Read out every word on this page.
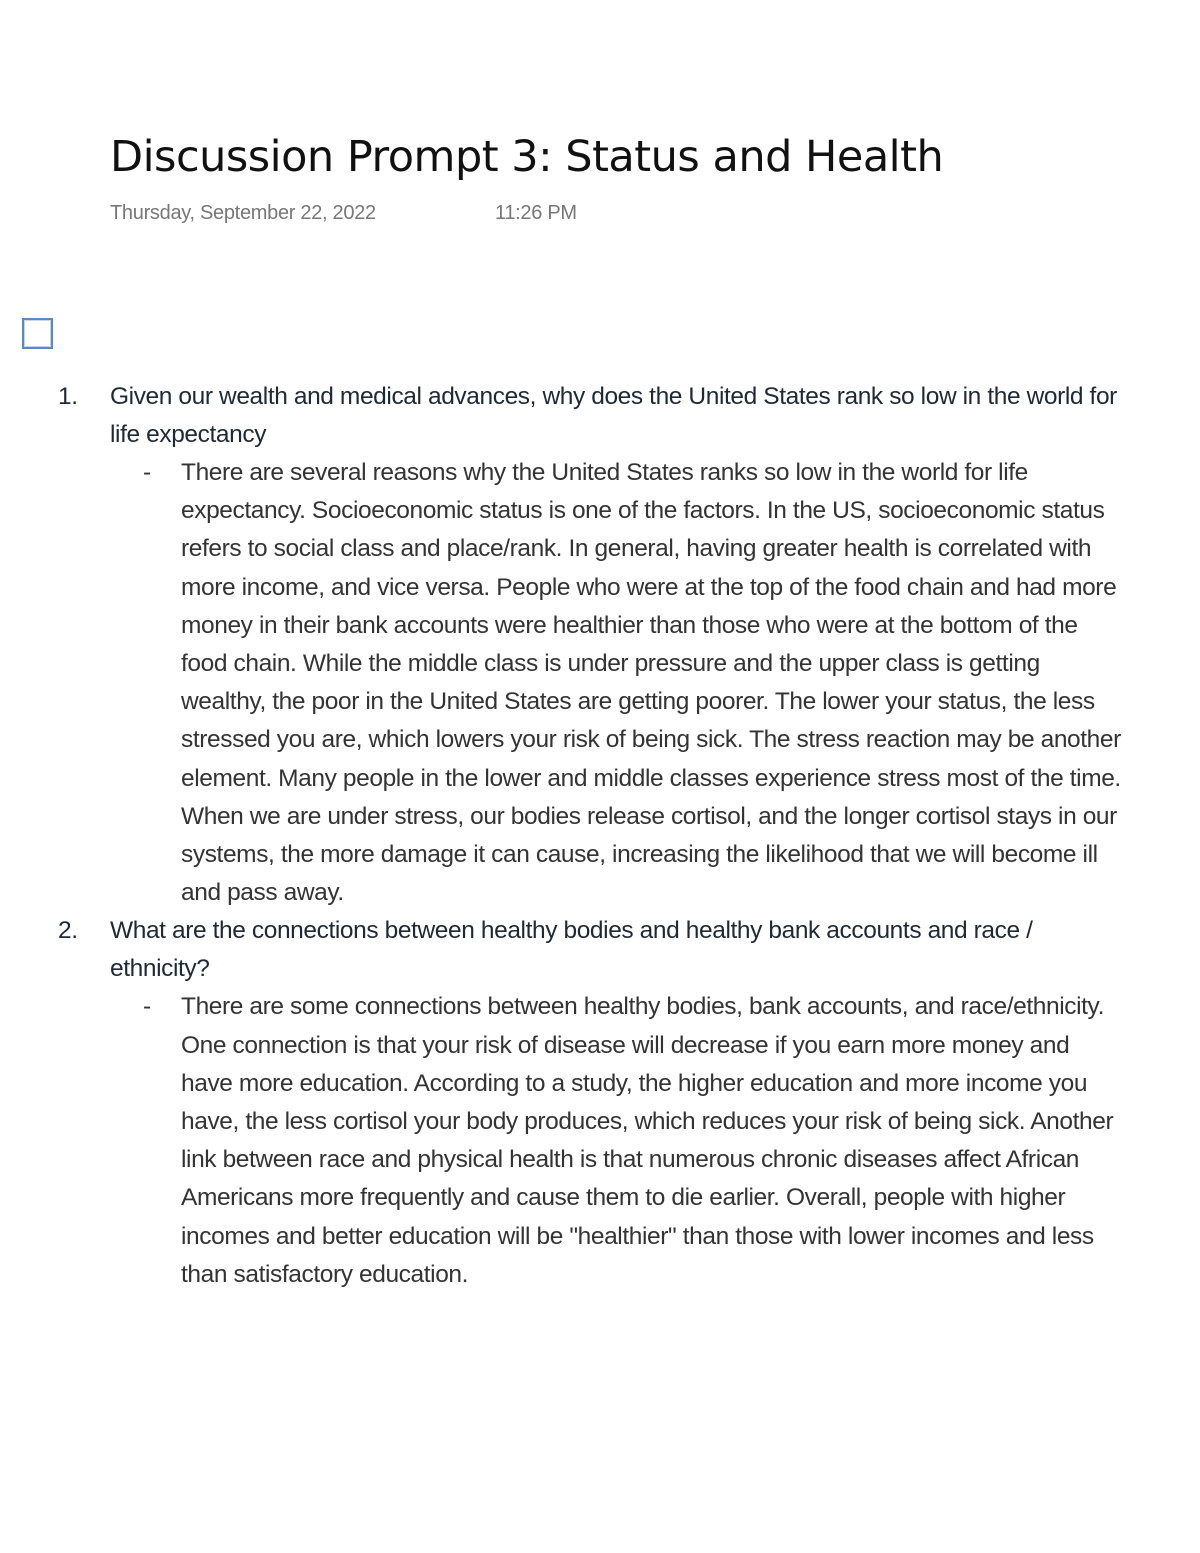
Discussion Prompt 3: Status and Health
Thursday, September 22, 2022	11:26 PM
1. Given our wealth and medical advances, why does the United States rank so low in the world for life expectancy
- There are several reasons why the United States ranks so low in the world for life expectancy. Socioeconomic status is one of the factors. In the US, socioeconomic status refers to social class and place/rank. In general, having greater health is correlated with more income, and vice versa. People who were at the top of the food chain and had more money in their bank accounts were healthier than those who were at the bottom of the food chain. While the middle class is under pressure and the upper class is getting wealthy, the poor in the United States are getting poorer. The lower your status, the less stressed you are, which lowers your risk of being sick. The stress reaction may be another element. Many people in the lower and middle classes experience stress most of the time. When we are under stress, our bodies release cortisol, and the longer cortisol stays in our systems, the more damage it can cause, increasing the likelihood that we will become ill and pass away.
2. What are the connections between healthy bodies and healthy bank accounts and race / ethnicity?
- There are some connections between healthy bodies, bank accounts, and race/ethnicity. One connection is that your risk of disease will decrease if you earn more money and have more education. According to a study, the higher education and more income you have, the less cortisol your body produces, which reduces your risk of being sick. Another link between race and physical health is that numerous chronic diseases affect African Americans more frequently and cause them to die earlier. Overall, people with higher incomes and better education will be "healthier" than those with lower incomes and less than satisfactory education.
